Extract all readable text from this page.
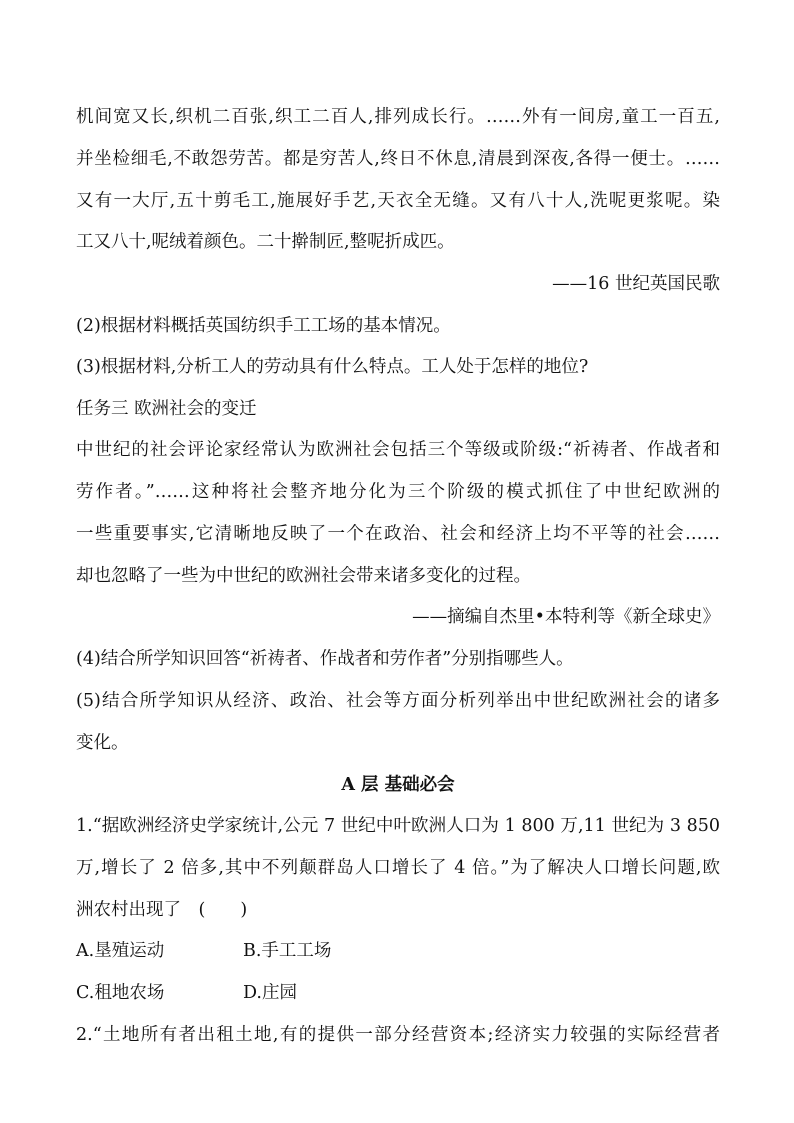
机间宽又长,织机二百张,织工二百人,排列成长行。……外有一间房,童工一百五,
并坐检细毛,不敢怨劳苦。都是穷苦人,终日不休息,清晨到深夜,各得一便士。……
又有一大厅,五十剪毛工,施展好手艺,天衣全无缝。又有八十人,洗呢更浆呢。染
工又八十,呢绒着颜色。二十擀制匠,整呢折成匹。
——16 世纪英国民歌
(2)根据材料概括英国纺织手工工场的基本情况。
(3)根据材料,分析工人的劳动具有什么特点。工人处于怎样的地位?
任务三 欧洲社会的变迁
中世纪的社会评论家经常认为欧洲社会包括三个等级或阶级:“祈祷者、作战者和
劳作者。”……这种将社会整齐地分化为三个阶级的模式抓住了中世纪欧洲的
一些重要事实,它清晰地反映了一个在政治、社会和经济上均不平等的社会……
却也忽略了一些为中世纪的欧洲社会带来诸多变化的过程。
——摘编自杰里•本特利等《新全球史》
(4)结合所学知识回答“祈祷者、作战者和劳作者”分别指哪些人。
(5)结合所学知识从经济、政治、社会等方面分析列举出中世纪欧洲社会的诸多
变化。
A 层 基础必会
1.“据欧洲经济史学家统计,公元 7 世纪中叶欧洲人口为 1 800 万,11 世纪为 3 850
万,增长了 2 倍多,其中不列颠群岛人口增长了 4 倍。”为了解决人口增长问题,欧
洲农村出现了　(　　)
A.垦殖运动	B.手工工场
C.租地农场	D.庄园
2.“土地所有者出租土地,有的提供一部分经营资本;经济实力较强的实际经营者
